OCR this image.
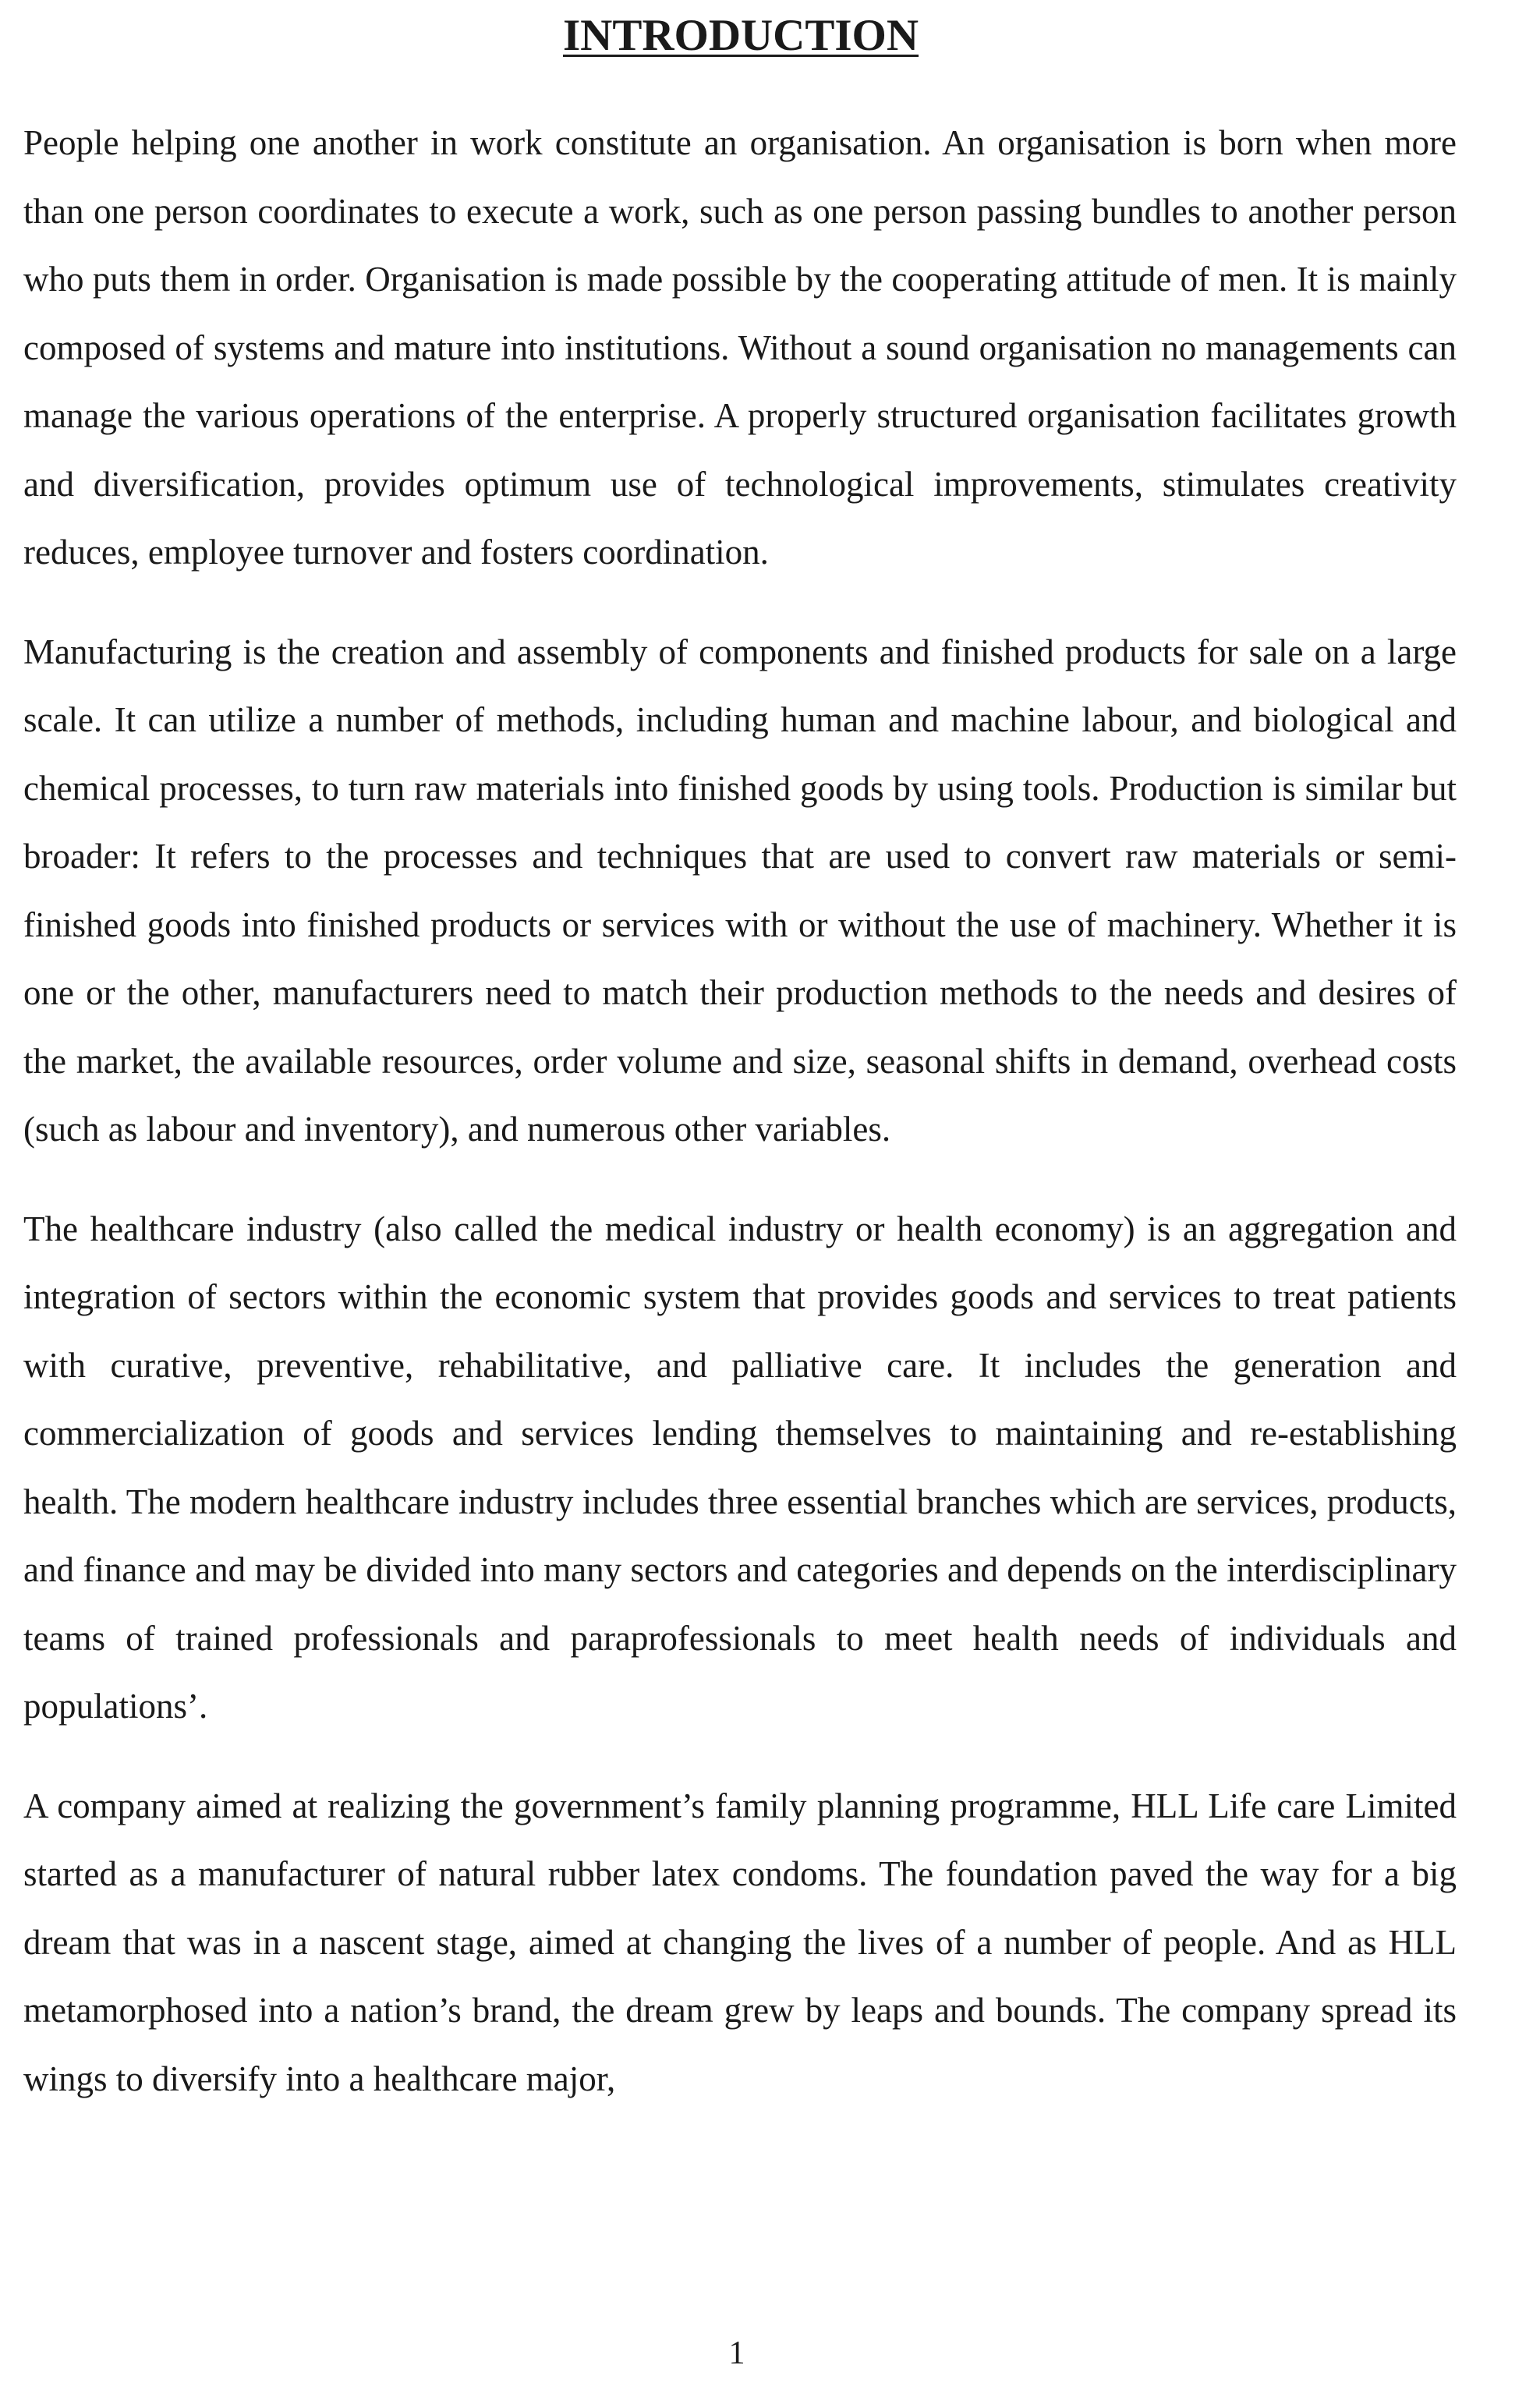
INTRODUCTION

People helping one another in work constitute an organisation. An organisation is born when more than one person coordinates to execute a work, such as one person passing bundles to another person who puts them in order. Organisation is made possible by the cooperating attitude of men. It is mainly composed of systems and mature into institutions. Without a sound organisation no managements can manage the various operations of the enterprise. A properly structured organisation facilitates growth and diversification, provides optimum use of technological improvements, stimulates creativity reduces, employee turnover and fosters coordination.

Manufacturing is the creation and assembly of components and finished products for sale on a large scale. It can utilize a number of methods, including human and machine labour, and biological and chemical processes, to turn raw materials into finished goods by using tools. Production is similar but broader: It refers to the processes and techniques that are used to convert raw materials or semi-finished goods into finished products or services with or without the use of machinery. Whether it is one or the other, manufacturers need to match their production methods to the needs and desires of the market, the available resources, order volume and size, seasonal shifts in demand, overhead costs (such as labour and inventory), and numerous other variables.

The healthcare industry (also called the medical industry or health economy) is an aggregation and integration of sectors within the economic system that provides goods and services to treat patients with curative, preventive, rehabilitative, and palliative care. It includes the generation and commercialization of goods and services lending themselves to maintaining and re-establishing health. The modern healthcare industry includes three essential branches which are services, products, and finance and may be divided into many sectors and categories and depends on the interdisciplinary teams of trained professionals and paraprofessionals to meet health needs of individuals and populations’.

A company aimed at realizing the government’s family planning programme, HLL Life care Limited started as a manufacturer of natural rubber latex condoms. The foundation paved the way for a big dream that was in a nascent stage, aimed at changing the lives of a number of people. And as HLL metamorphosed into a nation’s brand, the dream grew by leaps and bounds. The company spread its wings to diversify into a healthcare major,

1
